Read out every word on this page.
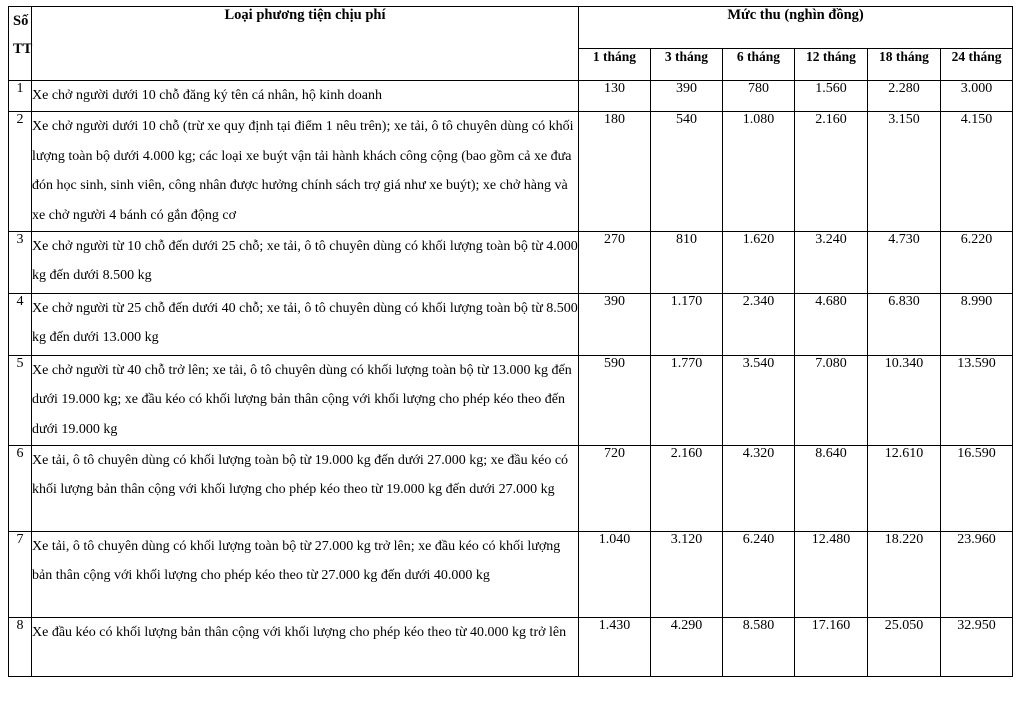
Số
TT	Loại phương tiện chịu phí	Mức thu (nghìn đồng)					
		1 tháng	3 tháng	6 tháng	12 tháng	18 tháng	24 tháng
1	Xe chở người dưới 10 chỗ đăng ký tên cá nhân, hộ kinh doanh	130	390	780	1.560	2.280	3.000
2	Xe chở người dưới 10 chỗ (trừ xe quy định tại điểm 1 nêu trên); xe tải, ô tô chuyên dùng có khối lượng toàn bộ dưới 4.000 kg; các loại xe buýt vận tải hành khách công cộng (bao gồm cả xe đưa đón học sinh, sinh viên, công nhân được hưởng chính sách trợ giá như xe buýt); xe chở hàng và xe chở người 4 bánh có gắn động cơ	180	540	1.080	2.160	3.150	4.150
3	Xe chở người từ 10 chỗ đến dưới 25 chỗ; xe tải, ô tô chuyên dùng có khối lượng toàn bộ từ 4.000 kg đến dưới 8.500 kg	270	810	1.620	3.240	4.730	6.220
4	Xe chở người từ 25 chỗ đến dưới 40 chỗ; xe tải, ô tô chuyên dùng có khối lượng toàn bộ từ 8.500 kg đến dưới 13.000 kg	390	1.170	2.340	4.680	6.830	8.990
5	Xe chở người từ 40 chỗ trở lên; xe tải, ô tô chuyên dùng có khối lượng toàn bộ từ 13.000 kg đến dưới 19.000 kg; xe đầu kéo có khối lượng bản thân cộng với khối lượng cho phép kéo theo đến dưới 19.000 kg	590	1.770	3.540	7.080	10.340	13.590
6	Xe tải, ô tô chuyên dùng có khối lượng toàn bộ từ 19.000 kg đến dưới 27.000 kg; xe đầu kéo có khối lượng bản thân cộng với khối lượng cho phép kéo theo từ 19.000 kg đến dưới 27.000 kg	720	2.160	4.320	8.640	12.610	16.590
7	Xe tải, ô tô chuyên dùng có khối lượng toàn bộ từ 27.000 kg trở lên; xe đầu kéo có khối lượng bản thân cộng với khối lượng cho phép kéo theo từ 27.000 kg đến dưới 40.000 kg	1.040	3.120	6.240	12.480	18.220	23.960
8	Xe đầu kéo có khối lượng bản thân cộng với khối lượng cho phép kéo theo từ 40.000 kg trở lên	1.430	4.290	8.580	17.160	25.050	32.950
